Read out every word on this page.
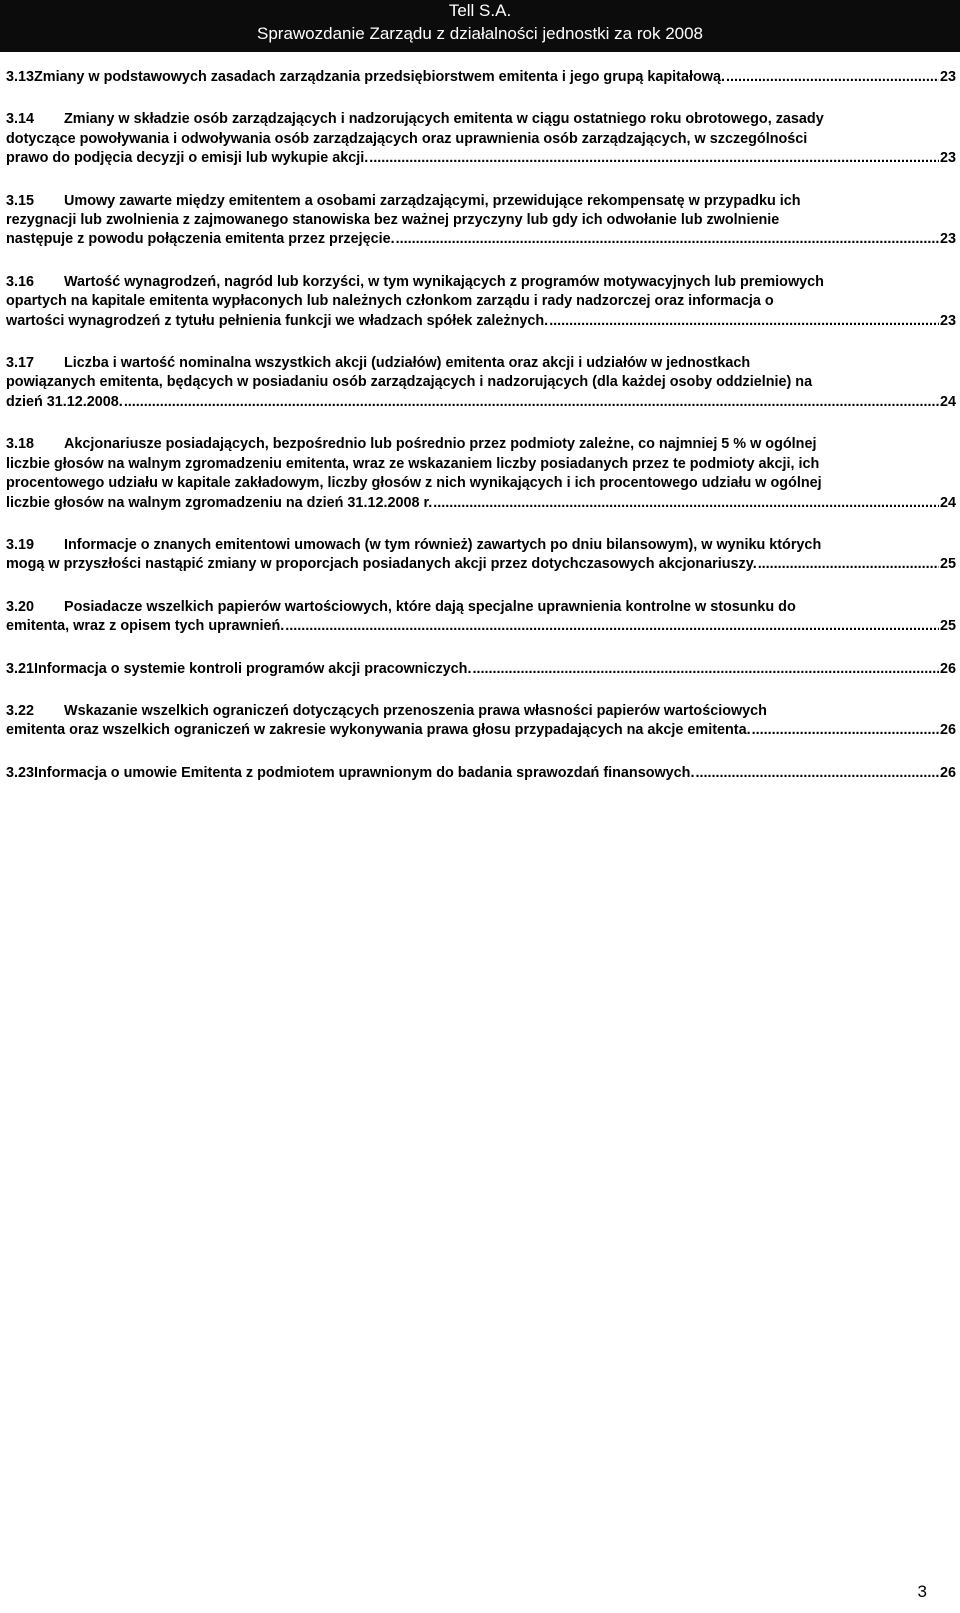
Tell S.A.
Sprawozdanie Zarządu z działalności jednostki za rok 2008
3.13 Zmiany w podstawowych zasadach zarządzania przedsiębiorstwem emitenta i jego grupą kapitałową. .....	23
3.14 Zmiany w składzie osób zarządzających i nadzorujących emitenta w ciągu ostatniego roku obrotowego, zasady
dotyczące powoływania i odwoływania osób zarządzających oraz uprawnienia osób zarządzających, w szczególności
prawo do podjęcia decyzji o emisji lub wykupie akcji. .....	23
3.15 Umowy zawarte między emitentem a osobami zarządzającymi, przewidujące rekompensatę w przypadku ich
rezygnacji lub zwolnienia z zajmowanego stanowiska bez ważnej przyczyny lub gdy ich odwołanie lub zwolnienie
następuje z powodu połączenia emitenta przez przejęcie. .....	23
3.16 Wartość wynagrodzeń, nagród lub korzyści, w tym wynikających z programów motywacyjnych lub premiowych
opartych na kapitale emitenta wypłaconych lub należnych członkom zarządu i rady nadzorczej oraz informacja o
wartości wynagrodzeń z tytułu pełnienia funkcji we władzach spółek zależnych. .....	23
3.17 Liczba i wartość nominalna wszystkich akcji (udziałów) emitenta oraz akcji i udziałów w jednostkach
powiązanych emitenta, będących w posiadaniu osób zarządzających i nadzorujących (dla każdej osoby oddzielnie) na
dzień 31.12.2008. .....	24
3.18 Akcjonariusze posiadających, bezpośrednio lub pośrednio przez podmioty zależne, co najmniej 5 % w ogólnej
liczbie głosów na walnym zgromadzeniu emitenta, wraz ze wskazaniem liczby posiadanych przez te podmioty akcji, ich
procentowego udziału w kapitale zakładowym, liczby głosów z nich wynikających i ich procentowego udziału w ogólnej
liczbie głosów na walnym zgromadzeniu na dzień 31.12.2008 r. .....	24
3.19 Informacje o znanych emitentowi umowach (w tym również) zawartych po dniu bilansowym), w wyniku których
mogą w przyszłości nastąpić zmiany w proporcjach posiadanych akcji przez dotychczasowych akcjonariuszy. .....	25
3.20 Posiadacze wszelkich papierów wartościowych, które dają specjalne uprawnienia kontrolne w stosunku do
emitenta, wraz z opisem tych uprawnień. .....	25
3.21 Informacja o systemie kontroli programów akcji pracowniczych. .....	26
3.22 Wskazanie wszelkich ograniczeń dotyczących przenoszenia prawa własności papierów wartościowych
emitenta oraz wszelkich ograniczeń w zakresie wykonywania prawa głosu przypadających na akcje emitenta. .....	26
3.23 Informacja o umowie Emitenta z podmiotem uprawnionym do badania sprawozdań finansowych. .....	26
3
